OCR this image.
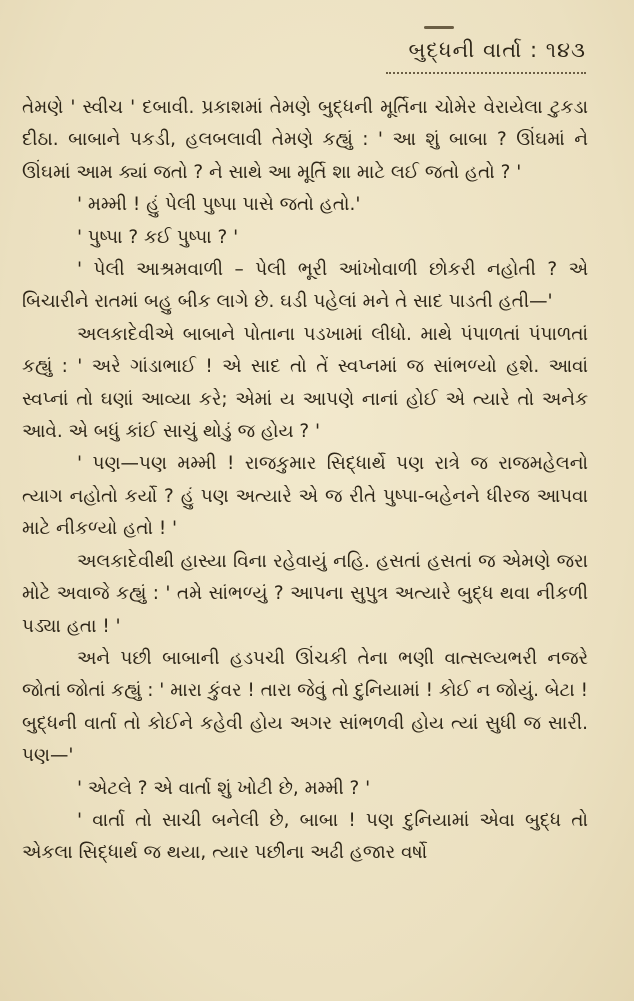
બુદ્ધની વાર્તા : ૧૪૩

તેમણે ' સ્વીચ ' દબાવી. પ્રકાશમાં તેમણે બુદ્ધની મૂર્તિના ચોમેર વેરાયેલા ટુકડા દીઠા. બાબાને પકડી, હલબલાવી તેમણે કહ્યું : ' આ શું બાબા ? ઊંઘમાં ને ઊંઘમાં આમ ક્યાં જતો ? ને સાથે આ મૂર્તિ શા માટે લઈ જતો હતો ? '

' મમ્મી ! હું પેલી પુષ્પા પાસે જતો હતો.'

' પુષ્પા ? કઈ પુષ્પા ? '

' પેલી આશ્રમવાળી – પેલી ભૂરી આંખોવાળી છોકરી નહોતી ? એ બિચારીને રાતમાં બહુ બીક લાગે છે. ઘડી પહેલાં મને તે સાદ પાડતી હતી—'

અલકાદેવીએ બાબાને પોતાના પડખામાં લીધો. માથે પંપાળતાં પંપાળતાં કહ્યું : ' અરે ગાંડાભાઈ ! એ સાદ તો તેં સ્વપ્નમાં જ સાંભળ્યો હશે. આવાં સ્વપ્નાં તો ઘણાં આવ્યા કરે; એમાં ય આપણે નાનાં હોઈ એ ત્યારે તો અનેક આવે. એ બધું કાંઈ સાચું થોડું જ હોય ? '

' પણ—પણ મમ્મી ! રાજકુમાર સિદ્ધાર્થે પણ રાત્રે જ રાજમહેલનો ત્યાગ નહોતો કર્યો ? હું પણ અત્યારે એ જ રીતે પુષ્પા-બહેનને ધીરજ આપવા માટે નીકળ્યો હતો ! '

અલકાદેવીથી હાસ્યા વિના રહેવાયું નહિ. હસતાં હસતાં જ એમણે જરા મોટે અવાજે કહ્યું : ' તમે સાંભળ્યું ? આપના સુપુત્ર અત્યારે બુદ્ધ થવા નીકળી પડ્યા હતા ! '

અને પછી બાબાની હડપચી ઊંચકી તેના ભણી વાત્સલ્યભરી નજરે જોતાં જોતાં કહ્યું : ' મારા કુંવર ! તારા જેવું તો દુનિયામાં ! કોઈ ન જોયું. બેટા ! બુદ્ધની વાર્તા તો કોઈને કહેવી હોય અગર સાંભળવી હોય ત્યાં સુધી જ સારી. પણ—'

' એટલે ? એ વાર્તા શું ખોટી છે, મમ્મી ? '

' વાર્તા તો સાચી બનેલી છે, બાબા ! પણ દુનિયામાં એવા બુદ્ધ તો એકલા સિદ્ધાર્થ જ થયા, ત્યાર પછીના અઢી હજાર વર્ષો
